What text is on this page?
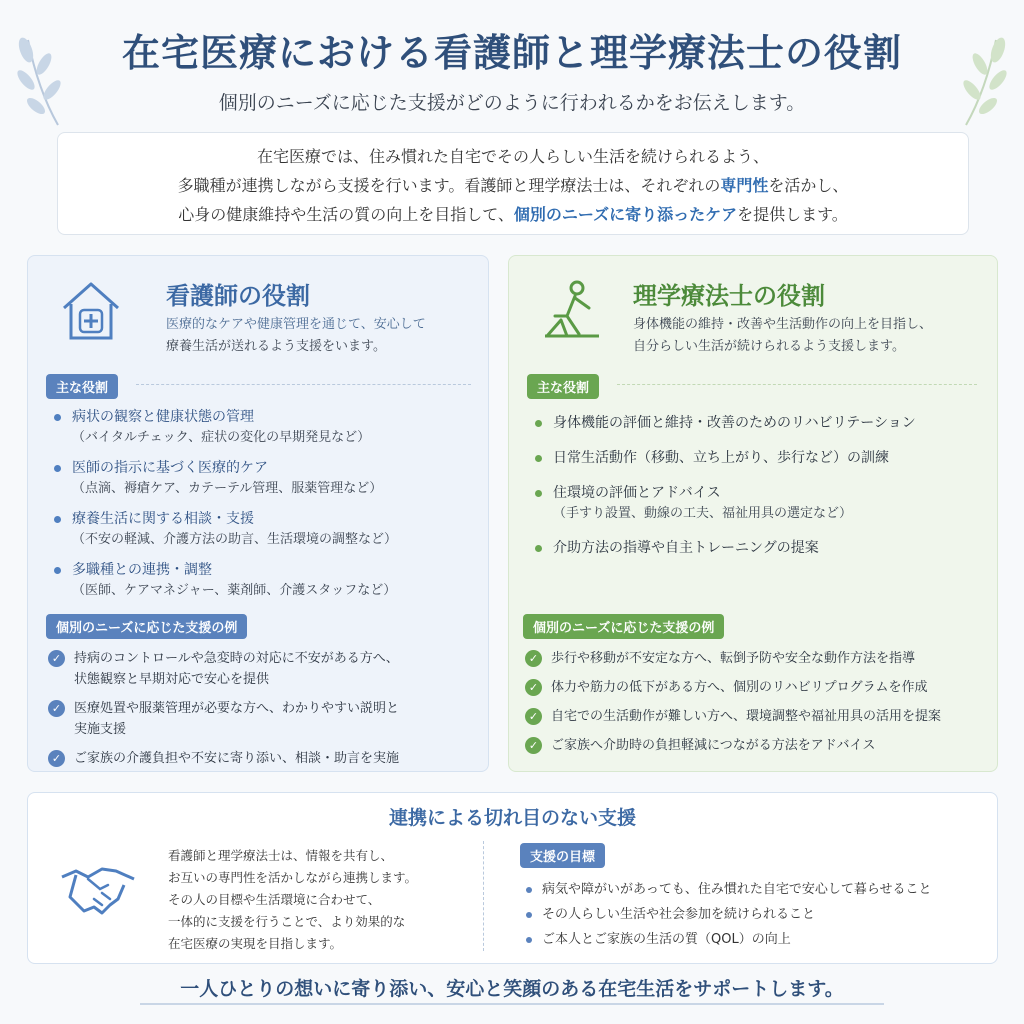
在宅医療における看護師と理学療法士の役割
個別のニーズに応じた支援がどのように行われるかをお伝えします。
在宅医療では、住み慣れた自宅でその人らしい生活を続けられるよう、
多職種が連携しながら支援を行います。看護師と理学療法士は、それぞれの専門性を活かし、
心身の健康維持や生活の質の向上を目指して、個別のニーズに寄り添ったケアを提供します。
看護師の役割
医療的なケアや健康管理を通じて、安心して
療養生活が送れるよう支援をいます。
主な役割
病状の観察と健康状態の管理
（バイタルチェック、症状の変化の早期発見など）
医師の指示に基づく医療的ケア
（点滴、褥瘡ケア、カテーテル管理、服薬管理など）
療養生活に関する相談・支援
（不安の軽減、介護方法の助言、生活環境の調整など）
多職種との連携・調整
（医師、ケアマネジャー、薬剤師、介護スタッフなど）
個別のニーズに応じた支援の例
✓ 持病のコントロールや急変時の対応に不安がある方へ、
状態観察と早期対応で安心を提供
✓ 医療処置や服薬管理が必要な方へ、わかりやすい説明と
実施支援
✓ ご家族の介護負担や不安に寄り添い、相談・助言を実施
理学療法士の役割
身体機能の維持・改善や生活動作の向上を目指し、
自分らしい生活が続けられるよう支援します。
主な役割
身体機能の評価と維持・改善のためのリハビリテーション
日常生活動作（移動、立ち上がり、歩行など）の訓練
住環境の評価とアドバイス
（手すり設置、動線の工夫、福祉用具の選定など）
介助方法の指導や自主トレーニングの提案
個別のニーズに応じた支援の例
✓ 歩行や移動が不安定な方へ、転倒予防や安全な動作方法を指導
✓ 体力や筋力の低下がある方へ、個別のリハビリプログラムを作成
✓ 自宅での生活動作が難しい方へ、環境調整や福祉用具の活用を提案
✓ ご家族へ介助時の負担軽減につながる方法をアドバイス
連携による切れ目のない支援
看護師と理学療法士は、情報を共有し、
お互いの専門性を活かしながら連携します。
その人の目標や生活環境に合わせて、
一体的に支援を行うことで、より効果的な
在宅医療の実現を目指します。
支援の目標
病気や障がいがあっても、住み慣れた自宅で安心して暮らせること
その人らしい生活や社会参加を続けられること
ご本人とご家族の生活の質（QOL）の向上
一人ひとりの想いに寄り添い、安心と笑顔のある在宅生活をサポートします。
